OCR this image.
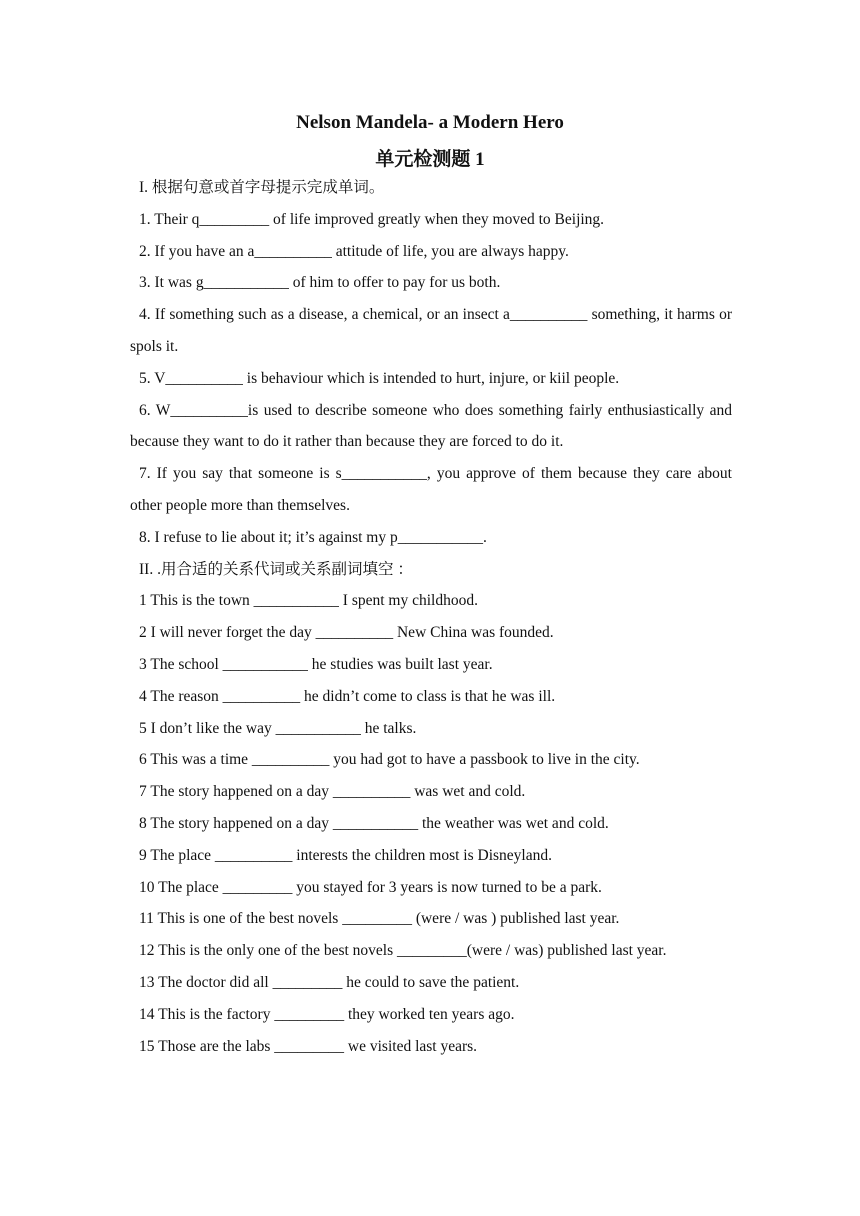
Nelson Mandela- a Modern Hero
单元检测题 1
I. 根据句意或首字母提示完成单词。
1. Their q_________ of life improved greatly when they moved to Beijing.
2. If you have an a__________ attitude of life, you are always happy.
3. It was g___________ of him to offer to pay for us both.
4. If something such as a disease, a chemical, or an insect a__________ something, it harms or spols it.
5. V__________ is behaviour which is intended to hurt, injure, or kiil people.
6. W__________is used to describe someone who does something fairly enthusiastically and because they want to do it rather than because they are forced to do it.
7. If you say that someone is s___________, you approve of them because they care about other people more than themselves.
8. I refuse to lie about it; it’s against my p___________.
II. .用合适的关系代词或关系副词填空 ：
1 This is the town ___________ I spent my childhood.
2 I will never forget the day __________ New China was founded.
3 The school ___________ he studies was built last year.
4 The reason __________ he didn’t come to class is that he was ill.
5 I don’t like the way ___________ he talks.
6 This was a time __________ you had got to have a passbook to live in the city.
7 The story happened on a day __________ was wet and cold.
8 The story happened on a day ___________ the weather was wet and cold.
9 The place __________ interests the children most is Disneyland.
10 The place _________ you stayed for 3 years is now turned to be a park.
11 This is one of the best novels _________ (were / was ) published last year.
12 This is the only one of the best novels _________(were / was) published last year.
13 The doctor did all _________ he could to save the patient.
14 This is the factory _________ they worked ten years ago.
15 Those are the labs _________ we visited last years.
